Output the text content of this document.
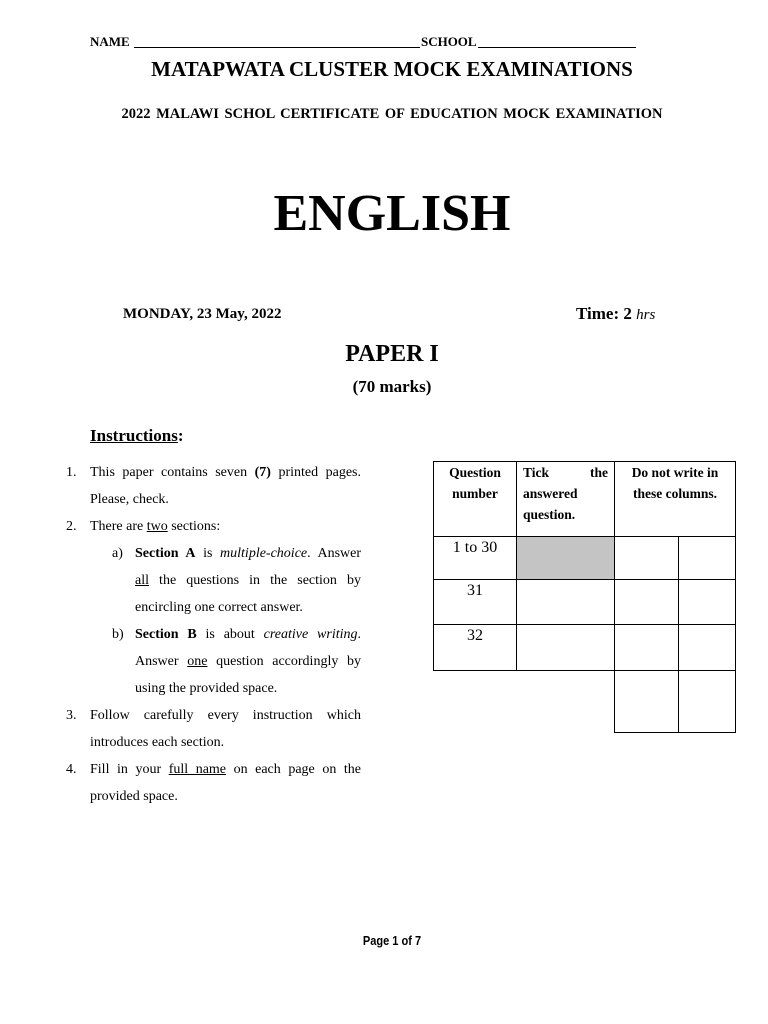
NAME	SCHOOL
MATAPWATA CLUSTER MOCK EXAMINATIONS
2022 MALAWI SCHOL CERTIFICATE OF EDUCATION MOCK EXAMINATION
ENGLISH
MONDAY, 23 May, 2022	Time: 2 hrs
PAPER I
(70 marks)
Instructions:
1. This paper contains seven (7) printed pages. Please, check.
2. There are two sections:
a) Section A is multiple-choice. Answer all the questions in the section by encircling one correct answer.
b) Section B is about creative writing. Answer one question accordingly by using the provided space.
3. Follow carefully every instruction which introduces each section.
4. Fill in your full name on each page on the provided space.
Question number	Tick the answered question.	Do not write in these columns.	
1 to 30			
31			
32			

Page 1 of 7
